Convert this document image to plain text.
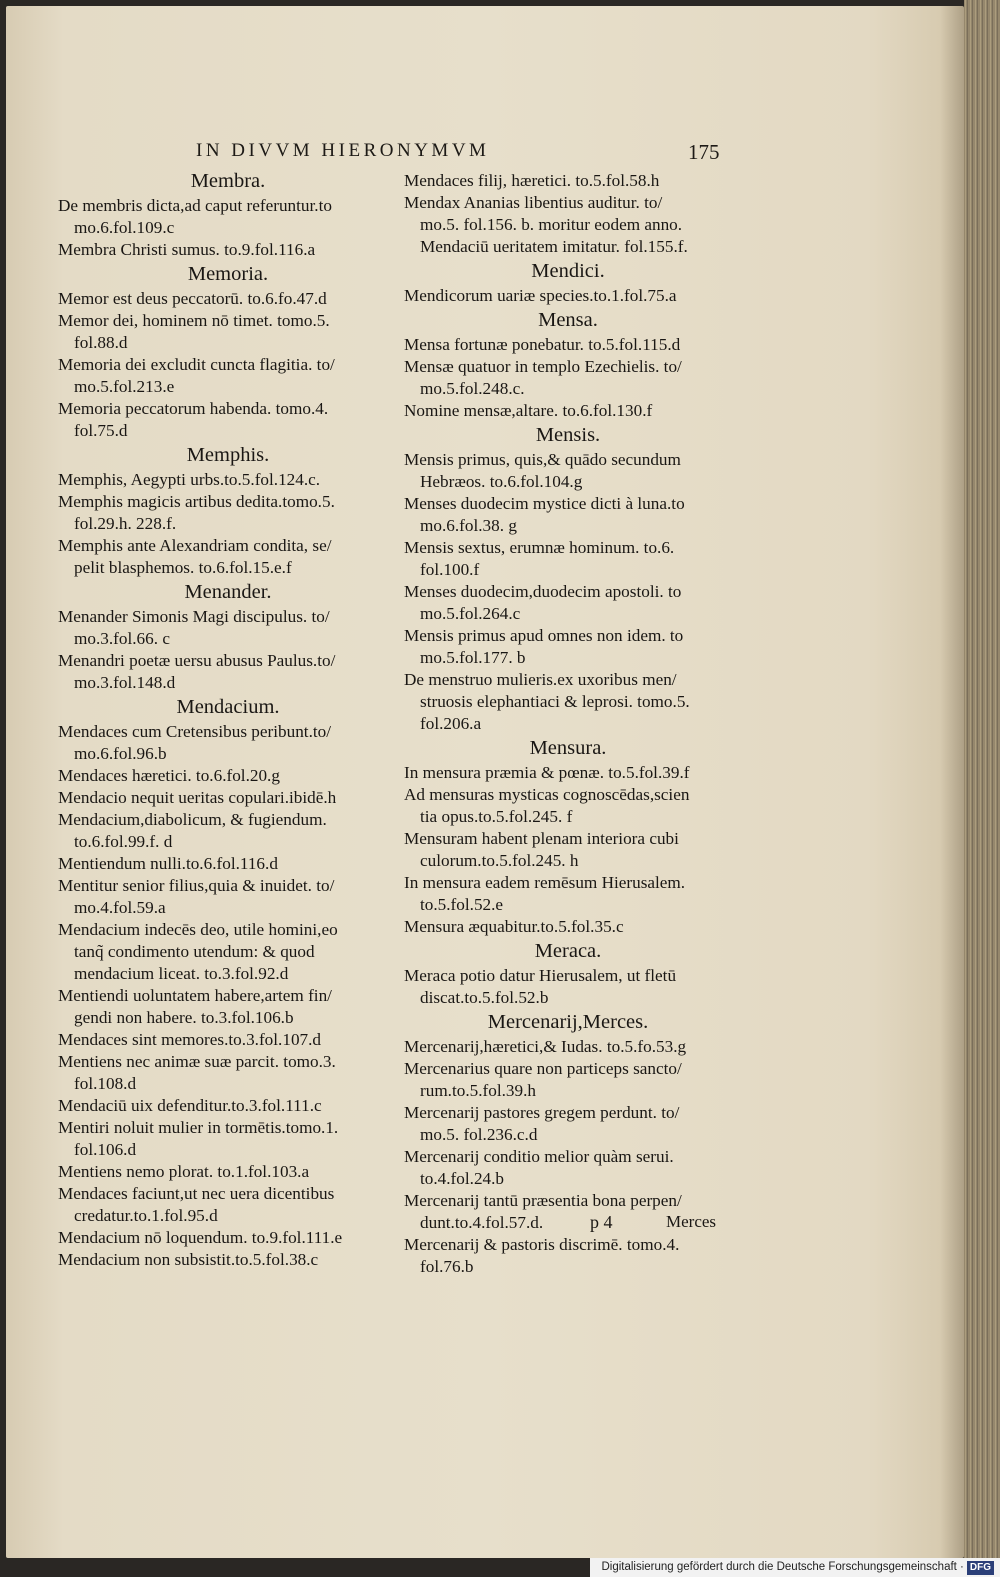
IN DIVVM HIERONYMVM	175
Membra.
De membris dicta,ad caput referuntur.to
mo.6.fol.109.c
Membra Christi sumus. to.9.fol.116.a
Memoria.
Memor est deus peccatorū. to.6.fo.47.d
Memor dei, hominem nō timet. tomo.5.
fol.88.d
Memoria dei excludit cuncta flagitia. to/
mo.5.fol.213.e
Memoria peccatorum habenda. tomo.4.
fol.75.d
Memphis.
Memphis, Aegypti urbs.to.5.fol.124.c.
Memphis magicis artibus dedita.tomo.5.
fol.29.h. 228.f.
Memphis ante Alexandriam condita, se/
pelit blasphemos. to.6.fol.15.e.f
Menander.
Menander Simonis Magi discipulus. to/
mo.3.fol.66. c
Menandri poetæ uersu abusus Paulus.to/
mo.3.fol.148.d
Mendacium.
Mendaces cum Cretensibus peribunt.to/
mo.6.fol.96.b
Mendaces hæretici. to.6.fol.20.g
Mendacio nequit ueritas copulari.ibidē.h
Mendacium,diabolicum, & fugiendum.
to.6.fol.99.f. d
Mentiendum nulli.to.6.fol.116.d
Mentitur senior filius,quia & inuidet. to/
mo.4.fol.59.a
Mendacium indecēs deo, utile homini,eo
tanq̃ condimento utendum: & quod
mendacium liceat. to.3.fol.92.d
Mentiendi uoluntatem habere,artem fin/
gendi non habere. to.3.fol.106.b
Mendaces sint memores.to.3.fol.107.d
Mentiens nec animæ suæ parcit. tomo.3.
fol.108.d
Mendaciū uix defenditur.to.3.fol.111.c
Mentiri noluit mulier in tormētis.tomo.1.
fol.106.d
Mentiens nemo plorat. to.1.fol.103.a
Mendaces faciunt,ut nec uera dicentibus
credatur.to.1.fol.95.d
Mendacium nō loquendum. to.9.fol.111.e
Mendacium non subsistit.to.5.fol.38.c
Mendaces filij, hæretici. to.5.fol.58.h
Mendax Ananias libentius auditur. to/
mo.5. fol.156. b. moritur eodem anno.
Mendaciū ueritatem imitatur. fol.155.f.
Mendici.
Mendicorum uariæ species.to.1.fol.75.a
Mensa.
Mensa fortunæ ponebatur. to.5.fol.115.d
Mensæ quatuor in templo Ezechielis. to/
mo.5.fol.248.c.
Nomine mensæ,altare. to.6.fol.130.f
Mensis.
Mensis primus, quis,& quādo secundum
Hebræos. to.6.fol.104.g
Menses duodecim mystice dicti à luna.to
mo.6.fol.38. g
Mensis sextus, erumnæ hominum. to.6.
fol.100.f
Menses duodecim,duodecim apostoli. to
mo.5.fol.264.c
Mensis primus apud omnes non idem. to
mo.5.fol.177. b
De menstruo mulieris.ex uxoribus men/
struosis elephantiaci & leprosi. tomo.5.
fol.206.a
Mensura.
In mensura præmia & pœnæ. to.5.fol.39.f
Ad mensuras mysticas cognoscēdas,scien
tia opus.to.5.fol.245. f
Mensuram habent plenam interiora cubi
culorum.to.5.fol.245. h
In mensura eadem remēsum Hierusalem.
to.5.fol.52.e
Mensura æquabitur.to.5.fol.35.c
Meraca.
Meraca potio datur Hierusalem, ut fletū
discat.to.5.fol.52.b
Mercenarij,Merces.
Mercenarij,hæretici,& Iudas. to.5.fo.53.g
Mercenarius quare non particeps sancto/
rum.to.5.fol.39.h
Mercenarij pastores gregem perdunt. to/
mo.5. fol.236.c.d
Mercenarij conditio melior quàm serui.
to.4.fol.24.b
Mercenarij tantū præsentia bona perpen/
dunt.to.4.fol.57.d.
Mercenarij & pastoris discrimē. tomo.4.
fol.76.b
p 4	Merces
Digitalisierung gefördert durch die Deutsche Forschungsgemeinschaft · DFG
